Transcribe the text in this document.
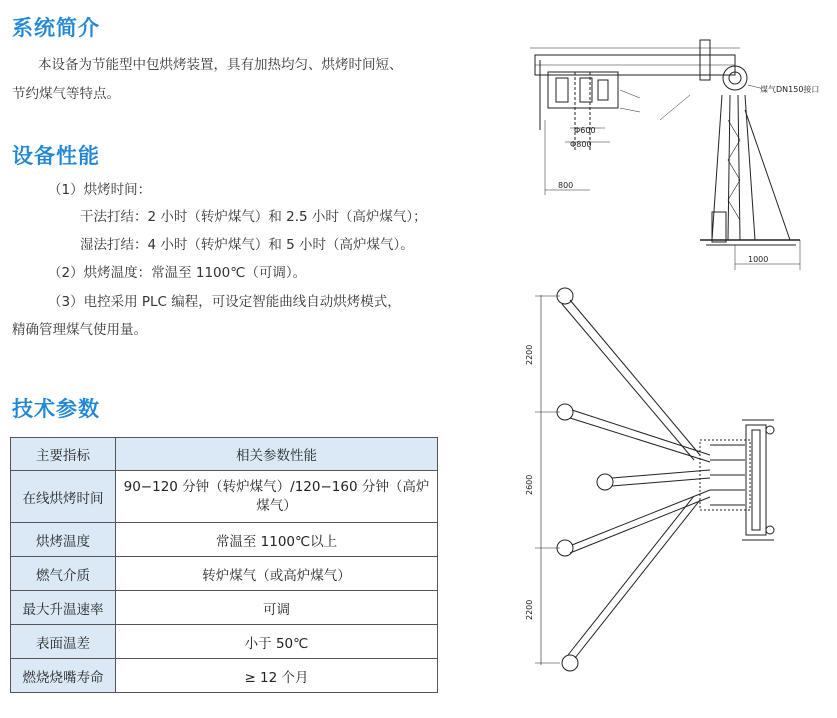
系统简介
本设备为节能型中包烘烤装置，具有加热均匀、烘烤时间短、
节约煤气等特点。
设备性能
（1）烘烤时间：
干法打结：2 小时（转炉煤气）和 2.5 小时（高炉煤气）；
湿法打结：4 小时（转炉煤气）和 5 小时（高炉煤气）。
（2）烘烤温度：常温至 1100℃（可调）。
（3）电控采用 PLC 编程，可设定智能曲线自动烘烤模式，
精确管理煤气使用量。
技术参数
主要指标	相关参数性能
在线烘烤时间	90−120 分钟（转炉煤气）/120−160 分钟（高炉煤气）
烘烤温度	常温至 1100℃以上
燃气介质	转炉煤气（或高炉煤气）
最大升温速率	可调
表面温差	小于 50℃
燃烧烧嘴寿命	≥ 12 个月
Φ600
Φ800
800
1000
煤气DN150接口
2200
2600
2200
